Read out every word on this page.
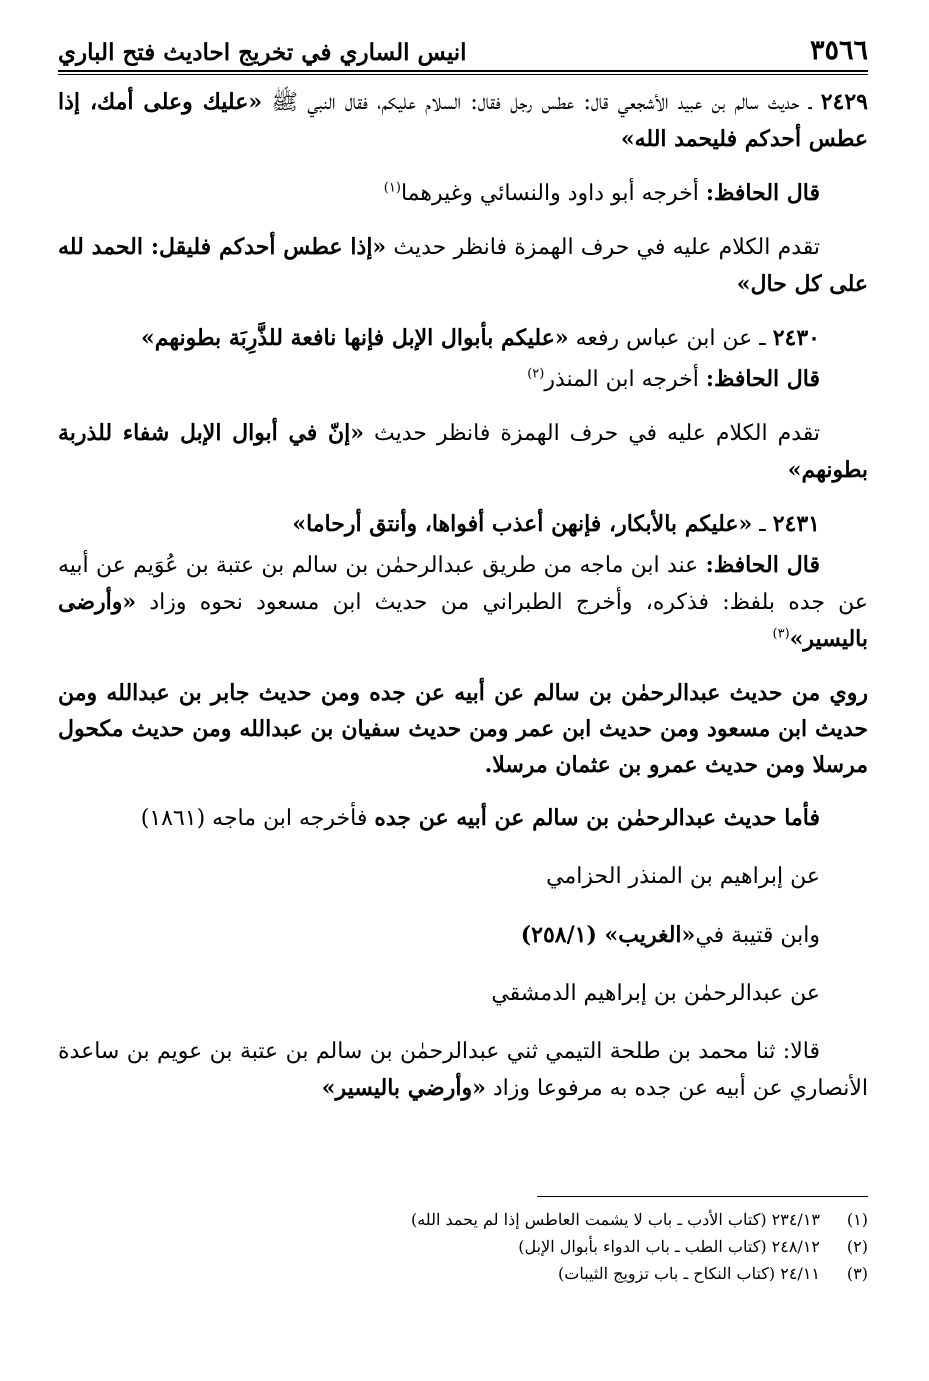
انيس الساري في تخريج احاديث فتح الباري	٣٥٦٦

٢٤٢٩ ـ حديث سالم بن عبيد الأشجعي قال: عطس رجل فقال: السلام عليكم، فقال النبي ﷺ «عليك وعلى أمك، إذا عطس أحدكم فليحمد الله»

قال الحافظ: أخرجه أبو داود والنسائي وغيرهما$^{(١)}$

تقدم الكلام عليه في حرف الهمزة فانظر حديث «إذا عطس أحدكم فليقل: الحمد لله على كل حال»

٢٤٣٠ ـ عن ابن عباس رفعه «عليكم بأبوال الإبل فإنها نافعة للذَّرِبَة بطونهم»

قال الحافظ: أخرجه ابن المنذر$^{(٢)}$

تقدم الكلام عليه في حرف الهمزة فانظر حديث «إنّ في أبوال الإبل شفاء للذربة بطونهم»

٢٤٣١ ـ «عليكم بالأبكار، فإنهن أعذب أفواها، وأنتق أرحاما»

قال الحافظ: عند ابن ماجه من طريق عبدالرحمٰن بن سالم بن عتبة بن عُوَيم عن أبيه عن جده بلفظ: فذكره، وأخرج الطبراني من حديث ابن مسعود نحوه وزاد «وأرضى باليسير»$^{(٣)}$

روي من حديث عبدالرحمٰن بن سالم عن أبيه عن جده ومن حديث جابر بن عبدالله ومن حديث ابن مسعود ومن حديث ابن عمر ومن حديث سفيان بن عبدالله ومن حديث مكحول مرسلا ومن حديث عمرو بن عثمان مرسلا.

فأما حديث عبدالرحمٰن بن سالم عن أبيه عن جده فأخرجه ابن ماجه (١٨٦١)

عن إبراهيم بن المنذر الحزامي

وابن قتيبة في«الغريب» (٢٥٨/١)

عن عبدالرحمٰن بن إبراهيم الدمشقي

قالا: ثنا محمد بن طلحة التيمي ثني عبدالرحمٰن بن سالم بن عتبة بن عويم بن ساعدة الأنصاري عن أبيه عن جده به مرفوعا وزاد «وأرضي باليسير»

(١)
٢٣٤/١٣ (كتاب الأدب ـ باب لا يشمت العاطس إذا لم يحمد الله)
(٢)
٢٤٨/١٢ (كتاب الطب ـ باب الدواء بأبوال الإبل)
(٣)
٢٤/١١ (كتاب النكاح ـ باب تزويج الثيبات)
